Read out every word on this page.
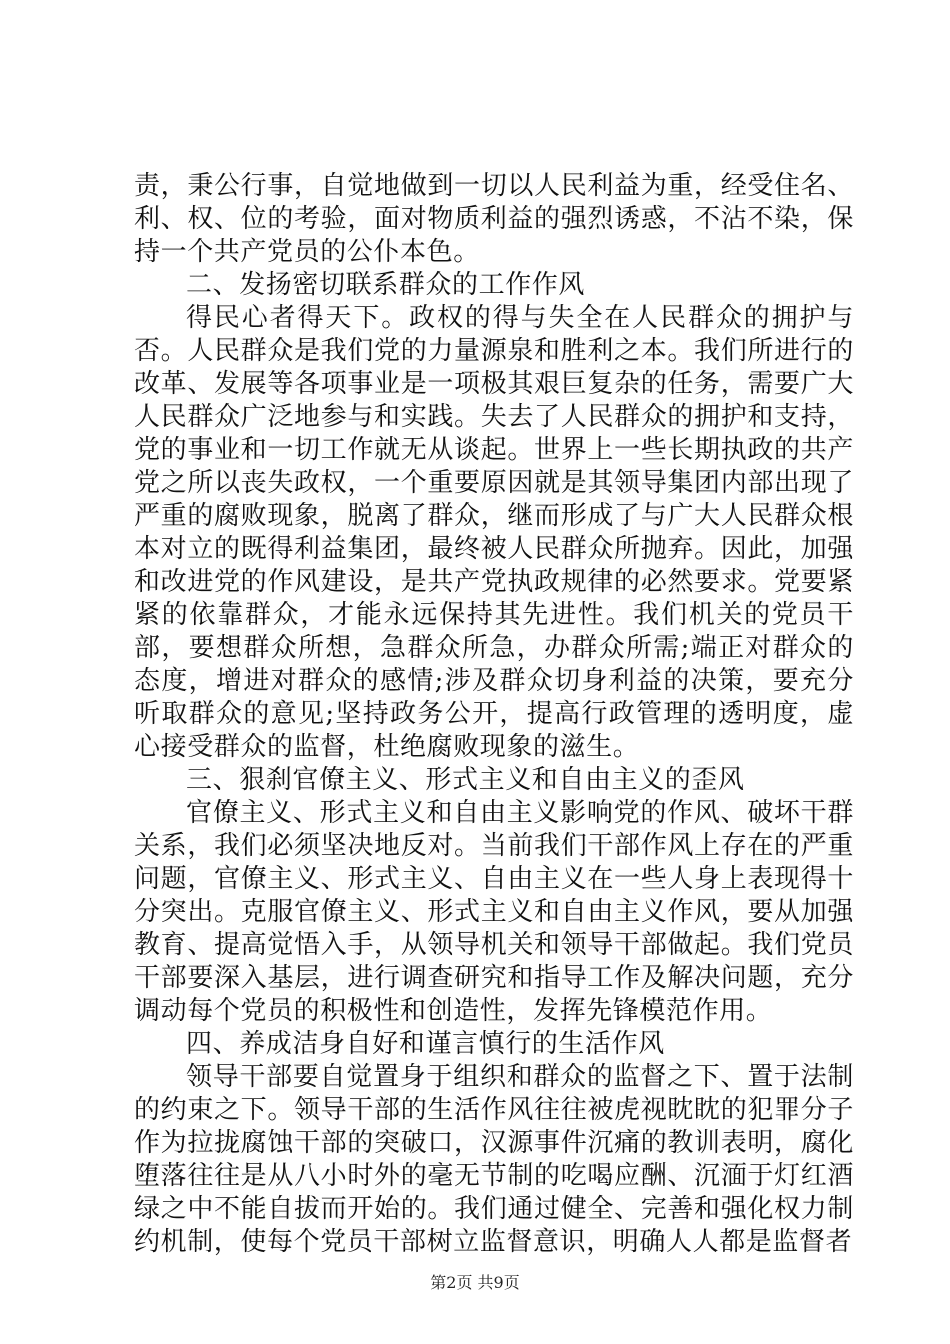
责，秉公行事，自觉地做到一切以人民利益为重，经受住名、利、权、位的考验，面对物质利益的强烈诱惑，不沾不染，保持一个共产党员的公仆本色。

二、发扬密切联系群众的工作作风

得民心者得天下。政权的得与失全在人民群众的拥护与否。人民群众是我们党的力量源泉和胜利之本。我们所进行的改革、发展等各项事业是一项极其艰巨复杂的任务，需要广大人民群众广泛地参与和实践。失去了人民群众的拥护和支持，党的事业和一切工作就无从谈起。世界上一些长期执政的共产党之所以丧失政权，一个重要原因就是其领导集团内部出现了严重的腐败现象，脱离了群众，继而形成了与广大人民群众根本对立的既得利益集团，最终被人民群众所抛弃。因此，加强和改进党的作风建设，是共产党执政规律的必然要求。党要紧紧的依靠群众，才能永远保持其先进性。我们机关的党员干部，要想群众所想，急群众所急，办群众所需;端正对群众的态度，增进对群众的感情;涉及群众切身利益的决策，要充分听取群众的意见;坚持政务公开，提高行政管理的透明度，虚心接受群众的监督，杜绝腐败现象的滋生。

三、狠刹官僚主义、形式主义和自由主义的歪风

官僚主义、形式主义和自由主义影响党的作风、破坏干群关系，我们必须坚决地反对。当前我们干部作风上存在的严重问题，官僚主义、形式主义、自由主义在一些人身上表现得十分突出。克服官僚主义、形式主义和自由主义作风，要从加强教育、提高觉悟入手，从领导机关和领导干部做起。我们党员干部要深入基层，进行调查研究和指导工作及解决问题，充分调动每个党员的积极性和创造性，发挥先锋模范作用。

四、养成洁身自好和谨言慎行的生活作风

领导干部要自觉置身于组织和群众的监督之下、置于法制的约束之下。领导干部的生活作风往往被虎视眈眈的犯罪分子作为拉拢腐蚀干部的突破口，汉源事件沉痛的教训表明，腐化堕落往往是从八小时外的毫无节制的吃喝应酬、沉湎于灯红酒绿之中不能自拔而开始的。我们通过健全、完善和强化权力制约机制，使每个党员干部树立监督意识，明确人人都是监督者

第2页 共9页
